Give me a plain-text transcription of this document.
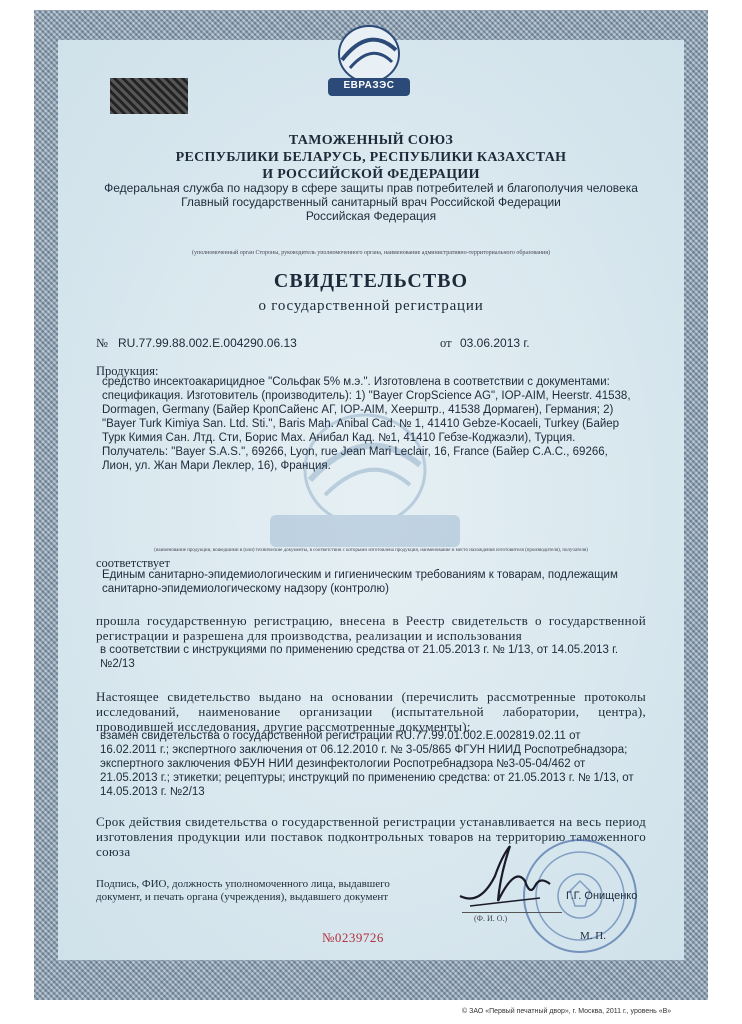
ЕВРАЗЭС
ТАМОЖЕННЫЙ СОЮЗ
РЕСПУБЛИКИ БЕЛАРУСЬ, РЕСПУБЛИКИ КАЗАХСТАН
И РОССИЙСКОЙ ФЕДЕРАЦИИ
Федеральная служба по надзору в сфере защиты прав потребителей и благополучия человека
Главный государственный санитарный врач Российской Федерации
Российская Федерация
(уполномоченный орган Стороны, руководитель уполномоченного органа, наименование административно-территориального образования)
СВИДЕТЕЛЬСТВО
о государственной регистрации
№ RU.77.99.88.002.E.004290.06.13	от 03.06.2013 г.
Продукция:
средство инсектоакарицидное "Сольфак 5% м.э.". Изготовлена в соответствии с документами:
спецификация. Изготовитель (производитель): 1) "Bayer CropScience AG", IOP-AIM, Heerstr. 41538,
Dormagen, Germany (Байер КропСайенс АГ, IOP-AIM, Хеерштр., 41538 Дормаген), Германия; 2)
"Bayer Turk Kimiya San. Ltd. Sti.", Baris Mah. Anibal Cad. № 1, 41410 Gebze-Kocaeli, Turkey (Байер
Турк Кимия Сан. Лтд. Сти, Борис Мах. Анибал Кад. №1, 41410 Гебзе-Коджаэли), Турция.
Получатель: "Bayer S.A.S.", 69266, Lyon, rue Jean Mari Leclair, 16, France (Байер С.А.С., 69266,
Лион, ул. Жан Мари Леклер, 16), Франция.
(наименование продукции, вошедшими в (или) технические документы, в соответствии с которыми изготовлена продукция, наименование и место нахождения изготовителя (производителя), получателя)
соответствует
Единым санитарно-эпидемиологическим и гигиеническим требованиям к товарам, подлежащим
санитарно-эпидемиологическому надзору (контролю)
прошла государственную регистрацию, внесена в Реестр свидетельств о государственной регистрации и разрешена для производства, реализации и использования
в соответствии с инструкциями по применению средства от 21.05.2013 г. № 1/13, от 14.05.2013 г.
№2/13
Настоящее свидетельство выдано на основании (перечислить рассмотренные протоколы исследований, наименование организации (испытательной лаборатории, центра), проводившей исследования, другие рассмотренные документы):
взамен свидетельства о государственной регистрации RU.77.99.01.002.E.002819.02.11 от
16.02.2011 г.; экспертного заключения от 06.12.2010 г. № 3-05/865 ФГУН НИИД Роспотребнадзора;
экспертного заключения ФБУН НИИ дезинфектологии Роспотребнадзора №3-05-04/462 от
21.05.2013 г.; этикетки; рецептуры; инструкций по применению средства: от 21.05.2013 г. № 1/13, от
14.05.2013 г. №2/13
Срок действия свидетельства о государственной регистрации устанавливается на весь период изготовления продукции или поставок подконтрольных товаров на территорию таможенного союза
Подпись, ФИО, должность уполномоченного лица, выдавшего документ, и печать органа (учреждения), выдавшего документ
(Ф. И. О.)
Г.Г. Онищенко
М. П.
№0239726
© ЗАО «Первый печатный двор», г. Москва, 2011 г., уровень «В»
